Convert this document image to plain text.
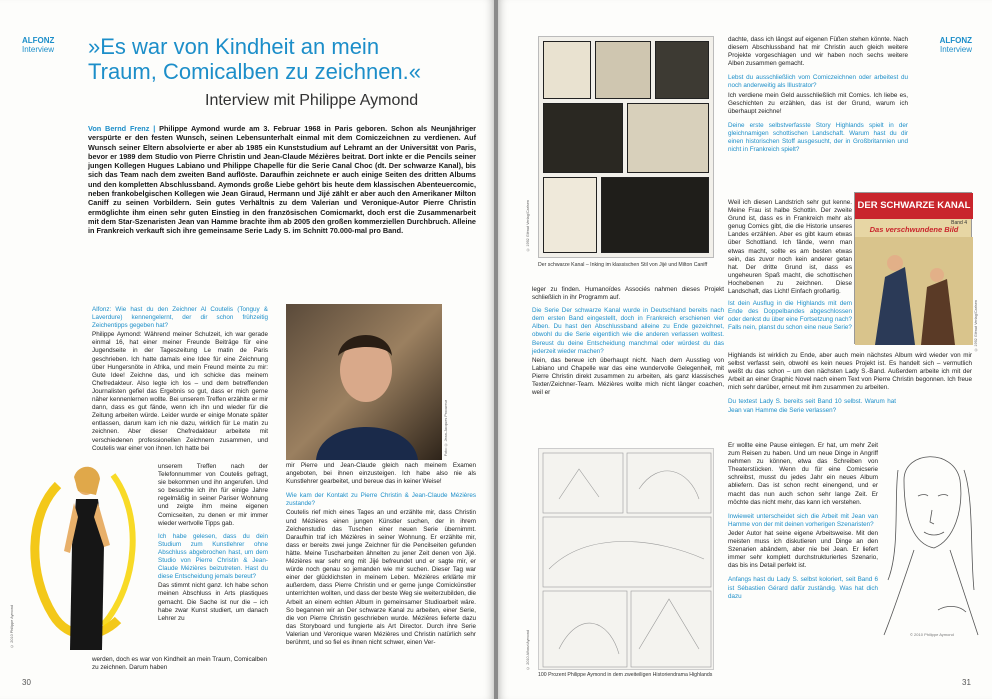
ALFONZ
Interview »Es war von Kindheit an mein
Traum, Comicalben zu zeichnen.«
Interview mit Philippe Aymond
Von Bernd Frenz | Philippe Aymond wurde am 3. Februar 1968 in Paris geboren. Schon als Neunjähriger verspürte er den festen Wunsch, seinen Lebensunterhalt einmal mit dem Comiczeichnen zu verdienen. Auf Wunsch seiner Eltern absolvierte er aber ab 1985 ein Kunststudium auf Lehramt an der Universität von Paris, bevor er 1989 dem Studio von Pierre Christin und Jean-Claude Mézières beitrat. Dort inkte er die Pencils seiner jungen Kollegen Hugues Labiano und Philippe Chapelle für die Serie Canal Choc (dt. Der schwarze Kanal), bis sich das Team nach dem zweiten Band auflöste. Daraufhin zeichnete er auch einige Seiten des dritten Albums und den kompletten Abschlussband. Aymonds große Liebe gehört bis heute dem klassischen Abenteuercomic, neben frankobelgischen Kollegen wie Jean Giraud, Hermann und Jijé zählt er aber auch den Amerikaner Milton Caniff zu seinen Vorbildern. Sein gutes Verhältnis zu dem Valerian und Veronique-Autor Pierre Christin ermöglichte ihm einen sehr guten Einstieg in den französischen Comicmarkt, doch erst die Zusammenarbeit mit dem Star-Szenaristen Jean van Hamme brachte ihm ab 2005 den großen kommerziellen Durchbruch. Alleine in Frankreich verkauft sich ihre gemeinsame Serie Lady S. im Schnitt 70.000-mal pro Band.

Alfonz: Wie hast du den Zeichner Al Coutelis (Tonguy & Laverdure) kennengelernt, der dir schon frühzeitig Zeichentipps gegeben hat?

Philippe Aymond: Während meiner Schulzeit, ich war gerade einmal 16, hat einer meiner Freunde Beiträge für eine Jugendseite in der Tageszeitung Le matin de Paris geschrieben. Ich hatte damals eine Idee für eine Zeichnung über Hungersnöte in Afrika, und mein Freund meinte zu mir: Gute Idee! Zeichne das, und ich schicke das meinem Chefredakteur. Also legte ich los – und dem betreffenden Journalisten gefiel das Ergebnis so gut, dass er mich gerne näher kennenlernen wollte. Bei unserem Treffen erzählte er mir dann, dass es gut fände, wenn ich ihn und wieder für die Zeitung arbeiten würde. Leider wurde er einige Monate später entlassen, darum kam ich nie dazu, wirklich für Le matin zu zeichnen. Aber dieser Chefredakteur arbeitete mit verschiedenen professionellen Zeichnern zusammen, und Coutelis war einer von ihnen. Ich hatte bei

unserem Treffen nach der Telefonnummer von Coutelis gefragt, sie bekommen und ihn angerufen. Und so besuchte ich ihn für einige Jahre regelmäßig in seiner Pariser Wohnung und zeigte ihm meine eigenen Comicseiten, zu denen er mir immer wieder wertvolle Tipps gab.

Ich habe gelesen, dass du dein Studium zum Kunstlehrer ohne Abschluss abgebrochen hast, um dem Studio von Pierre Christin & Jean-Claude Mézières beizutreten. Hast du diese Entscheidung jemals bereut?

Das stimmt nicht ganz. Ich habe schon meinen Abschluss in Arts plastiques gemacht. Die Sache ist nur die – ich habe zwar Kunst studiert, um danach Lehrer zu

werden, doch es war von Kindheit an mein Traum, Comicalben zu zeichnen. Darum haben

© 2010 Philippe Aymond
Foto: © Jean-Jacques Procureur

mir Pierre und Jean-Claude gleich nach meinem Examen angeboten, bei ihnen einzusteigen. Ich habe also nie als Kunstlehrer gearbeitet, und bereue das in keiner Weise!

Wie kam der Kontakt zu Pierre Christin & Jean-Claude Mézières zustande?

Coutelis rief mich eines Tages an und erzählte mir, dass Christin und Mézières einen jungen Künstler suchen, der in ihrem Zeichenstudio das Tuschen einer neuen Serie übernimmt. Daraufhin traf ich Mézières in seiner Wohnung. Er erzählte mir, dass er bereits zwei junge Zeichner für die Pencilseiten gefunden hätte. Meine Tuscharbeiten ähnelten zu jener Zeit denen von Jijé. Mézières war sehr eng mit Jijé befreundet und er sagte mir, er würde noch genau so jemanden wie mir suchen. Dieser Tag war einer der glücklichsten in meinem Leben. Mézières erklärte mir außerdem, dass Pierre Christin und er gerne junge Comickünstler unterrichten wollten, und dass der beste Weg sie weiterzubilden, die Arbeit an einem echten Album in gemeinsamer Studioarbeit wäre. So begannen wir an Der schwarze Kanal zu arbeiten, einer Serie, die von Pierre Christin geschrieben wurde. Mézières lieferte dazu das Storyboard und fungierte als Art Director. Durch ihre Serie Valerian und Veronique waren Mézières und Christin natürlich sehr berühmt, und so fiel es ihnen nicht schwer, einen Ver-

30
ALFONZ
Interview
© 1992 Glénat Verlag/Carlsen
Der schwarze Kanal – Inking im klassischen Stil von Jijé und Milton Caniff

leger zu finden. Humanoïdes Associés nahmen dieses Projekt schließlich in ihr Programm auf.

Die Serie Der schwarze Kanal wurde in Deutschland bereits nach dem ersten Band eingestellt, doch in Frankreich erschienen vier Alben. Du hast den Abschlussband alleine zu Ende gezeichnet, obwohl du die Serie eigentlich wie die anderen verlassen wolltest. Bereust du deine Entscheidung manchmal oder würdest du das jederzeit wieder machen?

Nein, das bereue ich überhaupt nicht. Nach dem Ausstieg von Labiano und Chapelle war das eine wundervolle Gelegenheit, mit Pierre Christin direkt zusammen zu arbeiten, als ganz klassisches Texter/Zeichner-Team. Mézières wollte mich nicht länger coachen, weil er

© 2010 Alfonz/Aymond
100 Prozent Philippe Aymond in dem zweiteiligen Historiendrama Highlands

dachte, dass ich längst auf eigenen Füßen stehen könnte. Nach diesem Abschlussband hat mir Christin auch gleich weitere Projekte vorgeschlagen und wir haben noch sechs weitere Alben zusammen gemacht.

Lebst du ausschließlich vom Comiczeichnen oder arbeitest du noch anderweitig als Illustrator?

Ich verdiene mein Geld ausschließlich mit Comics. Ich liebe es, Geschichten zu erzählen, das ist der Grund, warum ich überhaupt zeichne!

Deine erste selbstverfasste Story Highlands spielt in der gleichnamigen schottischen Landschaft. Warum hast du dir einen historischen Stoff ausgesucht, der in Großbritannien und nicht in Frankreich spielt?

Weil ich diesen Landstrich sehr gut kenne. Meine Frau ist halbe Schottin. Der zweite Grund ist, dass es in Frankreich mehr als genug Comics gibt, die die Historie unseres Landes erzählen. Aber es gibt kaum etwas über Schottland. Ich fände, wenn man etwas macht, sollte es am besten etwas sein, das zuvor noch kein anderer getan hat. Der dritte Grund ist, dass es ungeheuren Spaß macht, die schottischen Hochebenen zu zeichnen. Diese Landschaft, das Licht! Einfach großartig.

DER SCHWARZE KANAL
Band 4
Das verschwundene Bild
© 1992 Glénat Verlag/Carlsen

Ist dein Ausflug in die Highlands mit dem Ende des Doppelbandes abgeschlossen oder denkst du über eine Fortsetzung nach? Falls nein, planst du schon eine neue Serie?

Highlands ist wirklich zu Ende, aber auch mein nächstes Album wird wieder von mir selbst verfasst sein, obwohl es kein neues Projekt ist. Es handelt sich – vermutlich weißt du das schon – um den nächsten Lady S.-Band. Außerdem arbeite ich mit der Arbeit an einer Graphic Novel nach einem Text von Pierre Christin begonnen. Ich freue mich sehr darüber, erneut mit ihm zusammen zu arbeiten.

Du textest Lady S. bereits seit Band 10 selbst. Warum hat Jean van Hamme die Serie verlassen?

Er wollte eine Pause einlegen. Er hat, um mehr Zeit zum Reisen zu haben. Und um neue Dinge in Angriff nehmen zu können, etwa das Schreiben von Theaterstücken. Wenn du für eine Comicserie schreibst, musst du jedes Jahr ein neues Album abliefern. Das ist schon recht einengend, und er macht das nun auch schon sehr lange Zeit. Er möchte das nicht mehr, das kann ich verstehen.

Inwieweit unterscheidet sich die Arbeit mit Jean van Hamme von der mit deinen vorherigen Szenaristen?

Jeder Autor hat seine eigene Arbeitsweise. Mit den meisten muss ich diskutieren und Dinge an den Szenarien abändern, aber nie bei Jean. Er liefert immer sehr komplett durchstrukturiertes Szenario, das bis ins Detail perfekt ist.

Anfangs hast du Lady S. selbst koloriert, seit Band 6 ist Sébastien Gérard dafür zuständig. Was hat dich dazu

© 2010 Philippe Aymond
31
